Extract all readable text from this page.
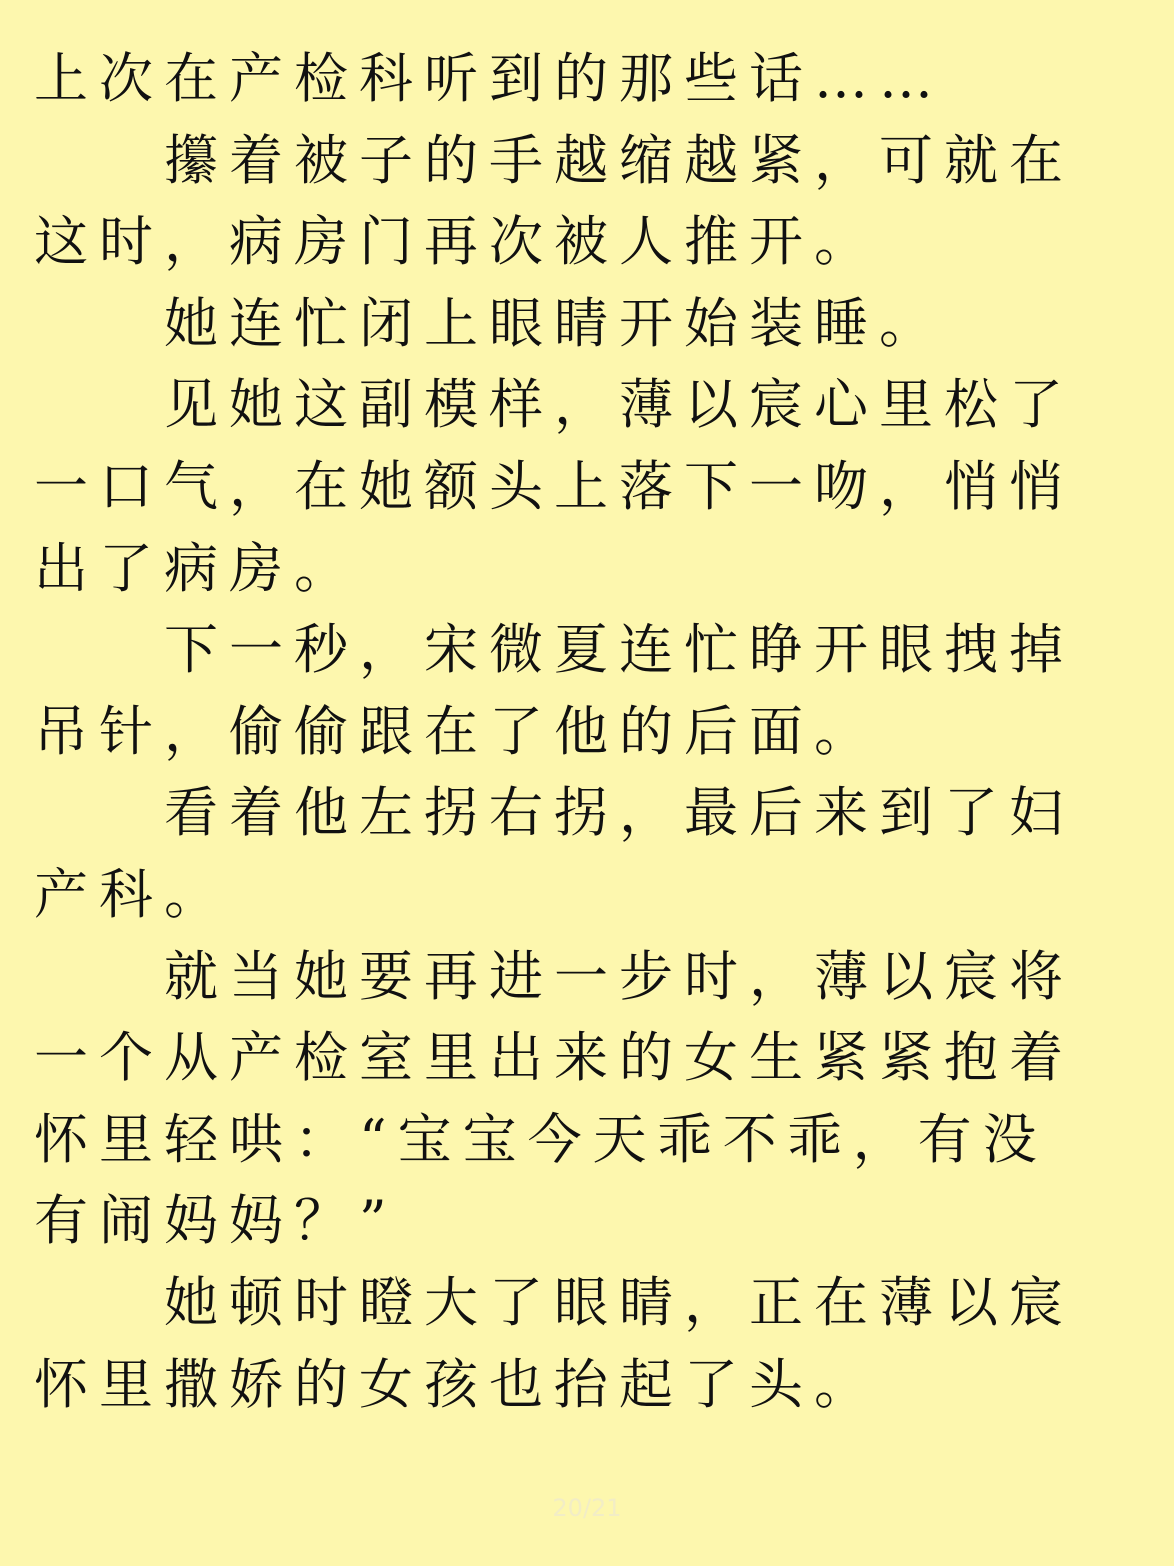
上次在产检科听到的那些话……
攥着被子的手越缩越紧，可就在
这时，病房门再次被人推开。
她连忙闭上眼睛开始装睡。
见她这副模样，薄以宸心里松了
一口气，在她额头上落下一吻，悄悄
出了病房。
下一秒，宋微夏连忙睁开眼拽掉
吊针，偷偷跟在了他的后面。
看着他左拐右拐，最后来到了妇
产科。
就当她要再进一步时，薄以宸将
一个从产检室里出来的女生紧紧抱着
怀里轻哄：“宝宝今天乖不乖，有没
有闹妈妈？”
她顿时瞪大了眼睛，正在薄以宸
怀里撒娇的女孩也抬起了头。
20/21
